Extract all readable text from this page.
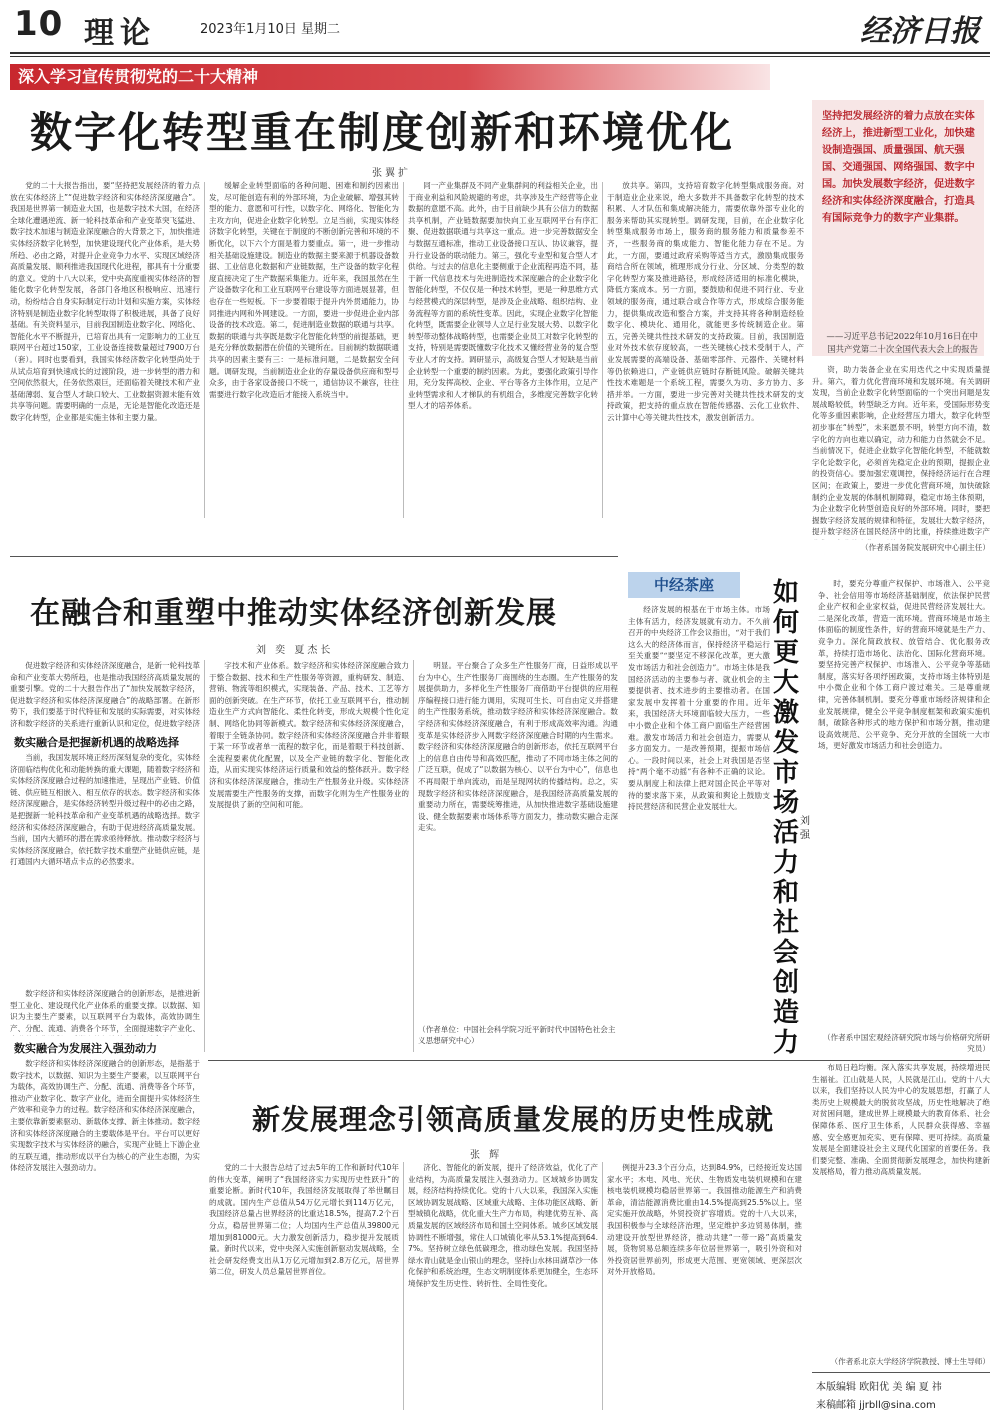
10 理论	2023年1月10日 星期二	经济日报
深入学习宣传贯彻党的二十大精神
数字化转型重在制度创新和环境优化
张翼扩

党的二十大报告指出，要“坚持把发展经济的着力点放在实体经济上”“促进数字经济和实体经济深度融合”。我国是世界第一制造业大国，也是数字技术大国，在经济全球化遭遇逆流、新一轮科技革命和产业变革突飞猛进、数字技术加速与制造业深度融合的大背景之下，加快推进实体经济数字化转型，加快建设现代化产业体系，是大势所趋、必由之路，对提升企业竞争力水平、实现区域经济高质量发展、顺利推进我国现代化进程，都具有十分重要的意义。党的十八大以来，党中央高度重视实体经济的智能化数字化转型发展，各部门各地区积极响应、迅速行动，纷纷结合自身实际制定行动计划和实施方案，实体经济特别是制造业数字化转型取得了积极进展，具备了良好基础。有关资料显示，目前我国制造业数字化、网络化、智能化水平不断提升，已培育出具有一定影响力的工业互联网平台超过150家，工业设备连接数量超过7900万台（套）。同时也要看到，我国实体经济数字化转型尚处于从试点培育到快速成长的过渡阶段，进一步转型的潜力和空间依然很大，任务依然艰巨，还面临着关键技术和产业基础薄弱、复合型人才缺口较大、工业数据资源未能有效共享等问题。需要明确的一点是，无论是智能化改造还是数字化转型，企业都是实施主体和主要力量。

缓解企业转型面临的各种问题、困难和制约因素出发，尽可能创造有利的外部环境，为企业破解、增强其转型的能力、意愿和可行性，以数字化、网络化、智能化为主攻方向，促进企业数字化转型。立足当前，实现实体经济数字化转型，关键在于制度的不断创新完善和环境的不断优化，以下六个方面是着力要重点。第一，进一步推动相关基础设施建设。制造业的数据主要来源于机器设备数据、工业信息化数据和产业链数据，生产设备的数字化程度直接决定了生产数据采集能力。近年来，我国虽然在生产设备数字化和工业互联网平台建设等方面进展显著，但也存在一些短板。下一步要着眼于提升内外贯通能力，协同推进内网和外网建设。一方面，要进一步促进企业内部设备的技术改造。第二，促进制造业数据的联通与共享。数据的联通与共享既是数字化智能化转型的前提基础，更是充分释放数据潜在价值的关键所在。目前制约数据联通共享的因素主要有三：一是标准问题，二是数据安全问题。调研发现，当前制造业企业的存量设备供应商和型号众多，由于各家设备接口不统一，通信协议不兼容，往往需要进行数字化改造后才能接入系统当中。

同一产业集群及不同产业集群间的利益相关企业，出于商业利益和风险规避的考虑，共享涉及生产经营等企业数据的意愿不高。此外，由于目前缺少具有公信力的数据共享机制，产业链数据要加快向工业互联网平台有序汇聚、促进数据联通与共享这一重点。进一步完善数据安全与数据互通标准，推动工业设备接口互认、协议兼容，提升行业设备的联动能力。第三，强化专业型和复合型人才供给。与过去的信息化主要侧重于企业流程再造不同，基于新一代信息技术与先进制造技术深度融合的企业数字化智能化转型，不仅仅是一种技术转型，更是一种思维方式与经营模式的深层转型，是涉及企业战略、组织结构、业务流程等方面的系统性变革。因此，实现企业数字化智能化转型，既需要企业领导人立足行业发展大势、以数字化转型带动整体战略转型，也需要企业员工对数字化转型的支持，特别是需要既懂数字化技术又懂经营业务的复合型专业人才的支持。调研显示，高级复合型人才短缺是当前企业转型一个重要的制约因素。为此，要强化政策引导作用，充分发挥高校、企业、平台等各方主体作用，立足产业转型需求和人才梯队的有机组合，多维度完善数字化转型人才的培养体系。

放共享。第四，支持培育数字化转型集成服务商。对于制造业企业来说，绝大多数并不具备数字化转型的技术积累、人才队伍和集成解决能力，需要依靠外部专业化的服务来帮助其实现转型。调研发现，目前，在企业数字化转型集成服务市场上，服务商的服务能力和质量参差不齐，一些服务商的集成能力、智能化能力存在不足。为此，一方面，要通过政府采购等适当方式，激励集成服务商结合所在领域，梳理形成分行业、分区域、分类型的数字化转型方案及推进路径，形成经济适用的标准化模块，降低方案成本。另一方面，要鼓励和促进不同行业、专业领域的服务商，通过联合或合作等方式，形成综合服务能力，提供集成改造和整合方案，并支持其将各种制造经验数字化、模块化、通用化，就能更多传统制造企业。第五，完善关键共性技术研发的支持政策。目前，我国制造业对外技术依存度较高，一些关键核心技术受制于人，产业发展需要的高端设备、基础零部件、元器件、关键材料等仍依赖进口，产业链供应链时存断链风险。破解关键共性技术难题是一个系统工程，需要久为功、多方协力、多措并举。一方面，要进一步完善对关键共性技术研发的支持政策，把支持的重点放在智能传感器、云化工业软件、云计算中心等关键共性技术，激发创新活力。

资，助力装备企业在实用迭代之中实现质量提升。第六，着力优化营商环境和发展环境。有关调研发现，当前企业数字化转型面临的一个突出问题是发展战略较低，转型缺乏方向。近年来，受国际形势变化等多重因素影响，企业经营压力增大，数字化转型初步事在“转型”，未来愿景不明，转型方向不清，数字化的方向也难以确定，动力和能力自然就会不足。当前情况下，促进企业数字化智能化转型，不能就数字化论数字化，必须首先稳定企业的预期，提振企业的投资信心。要加强宏观调控，保持经济运行在合理区间；在政策上，要进一步优化营商环境，加快破除制约企业发展的体制机制障碍，稳定市场主体预期，为企业数字化转型创造良好的外部环境。同时，要把握数字经济发展的规律和特征，发展壮大数字经济，提升数字经济在国民经济中的比重，持续推进数字产

（作者系国务院发展研究中心副主任）
坚持把发展经济的着力点放在实体经济上，推进新型工业化，加快建设制造强国、质量强国、航天强国、交通强国、网络强国、数字中国。加快发展数字经济，促进数字经济和实体经济深度融合，打造具有国际竞争力的数字产业集群。
——习近平总书记2022年10月16日在中国共产党第二十次全国代表大会上的报告
在融合和重塑中推动实体经济创新发展
刘 奕 夏杰长

促进数字经济和实体经济深度融合，是新一轮科技革命和产业变革大势所趋，也是推动我国经济高质量发展的重要引擎。党的二十大报告作出了“加快发展数字经济，促进数字经济和实体经济深度融合”的战略部署。在新形势下，我们要基于时代特征和发展的实际需要，对实体经济和数字经济的关系进行重新认识和定位，促进数字经济

数实融合是把握新机遇的战略选择

当前，我国发展环境正经历深刻复杂的变化，实体经济面临结构优化和动能转换的重大课题，随着数字经济和实体经济深度融合过程的加速推进，呈现出产业链、价值链、供应链互相嵌入、相互依存的状态。数字经济和实体经济深度融合，是实体经济转型升级过程中的必由之路，是把握新一轮科技革命和产业变革机遇的战略选择。数字经济和实体经济深度融合，有助于促进经济高质量发展。当前，国内大循环的潜在需求亟待释放。推动数字经济与实体经济深度融合，依托数字技术重塑产业链供应链，是打通国内大循环堵点卡点的必然要求。

数实融合为发展注入强劲动力

数字经济和实体经济深度融合的创新形态，是指基于数字技术，以数据、知识为主要生产要素，以互联网平台为载体，高效协调生产、分配、流通、消费等各个环节，推动产业数字化、数字产业化，进而全面提升实体经济生产效率和竞争力的过程。数字经济和实体经济深度融合，主要依靠新要素驱动、新载体支撑、新主体推动。数字经济和实体经济深度融合的主要载体是平台。平台可以更好实现数字技术与实体经济的融合，实现产业链上下游企业的互联互通，推动形成以平台为核心的产业生态圈，为实体经济发展注入强劲动力。

数字经济和实体经济深度融合的创新形态，是推进新型工业化、建设现代化产业体系的重要支撑。以数据、知识为主要生产要素，以互联网平台为载体，高效协调生产、分配、流通、消费各个环节，全面提速数字产业化、

字技术和产业体系。数字经济和实体经济深度融合致力于整合数据、技术和生产性服务等资源，重构研发、制造、营销、物流等组织模式，实现装备、产品、技术、工艺等方面的创新突破。在生产环节，依托工业互联网平台，推动制造业生产方式向智能化、柔性化转变，形成大规模个性化定制、网络化协同等新模式。数字经济和实体经济深度融合，着眼于全链条协同。数字经济和实体经济深度融合并非着眼于某一环节或者单一流程的数字化，而是着眼于科技创新、全流程要素优化配置，以及全产业链的数字化、智能化改造，从而实现实体经济运行质量和效益的整体跃升。数字经济和实体经济深度融合，推动生产性服务业升级。实体经济发展需要生产性服务的支撑，而数字化则为生产性服务业的发展提供了新的空间和可能。

明显。平台聚合了众多生产性服务厂商，日益形成以平台为中心，生产性服务厂商围绕的生态圈。生产性服务的发展提供助力，多样化生产性服务厂商借助平台提供的应用程序编程接口进行能力调用，实现可生长、可自由定义并搭建的生产性服务系统，推动数字经济和实体经济深度融合。数字经济和实体经济深度融合，有利于形成高效率沟通。沟通变革是实体经济步入网数字经济深度融合时期的内生需求。数字经济和实体经济深度融合的创新形态，依托互联网平台上的信息自由传导和高效匹配，推动了不同市场主体之间的广泛互联，促成了“以数据为核心、以平台为中心”，信息也不再局限于单向流动，而是呈现网状的传播结构。总之，实现数字经济和实体经济深度融合，是我国经济高质量发展的重要动力所在，需要统筹推进，从加快推进数字基础设施建设、健全数据要素市场体系等方面发力，推动数实融合走深走实。

（作者单位：中国社会科学院习近平新时代中国特色社会主义思想研究中心）
中经茶座	如何更大激发市场活力和社会创造力
刘 强

经济发展的根基在于市场主体。市场主体有活力，经济发展就有动力。不久前召开的中央经济工作会议指出，“对于我们这么大的经济体而言，保持经济平稳运行至关重要”“要坚定不移深化改革，更大激发市场活力和社会创造力”。市场主体是我国经济活动的主要参与者、就业机会的主要提供者、技术进步的主要推动者。在国家发展中发挥着十分重要的作用。近年来，我国经济大环境面临较大压力，一些中小微企业和个体工商户面临生产经营困难。激发市场活力和社会创造力，需要从多方面发力。一是改善预期，提振市场信心。一段时间以来，社会上对我国是否坚持“两个毫不动摇”有各种不正确的议论。要从制度上和法律上把对国企民企平等对待的要求落下来，从政策和舆论上鼓励支持民营经济和民营企业发展壮大。

时，要充分尊重产权保护、市场准入、公平竞争、社会信用等市场经济基础制度，依法保护民营企业产权和企业家权益，促进民营经济发展壮大。二是深化改革，营造一流环境。营商环境是市场主体面临的制度性条件，好的营商环境就是生产力、竞争力。深化简政放权、放管结合、优化服务改革，持续打造市场化、法治化、国际化营商环境。要坚持完善产权保护、市场准入、公平竞争等基础制度，落实好各项纾困政策，支持市场主体特别是中小微企业和个体工商户渡过难关。三是尊重规律，完善体制机制。要充分尊重市场经济规律和企业发展规律，健全公平竞争制度框架和政策实施机制，破除各种形式的地方保护和市场分割，推动建设高效规范、公平竞争、充分开放的全国统一大市场，更好激发市场活力和社会创造力。

（作者系中国宏观经济研究院市场与价格研究所研究员）
新发展理念引领高质量发展的历史性成就
张 辉

党的二十大报告总结了过去5年的工作和新时代10年的伟大变革，阐明了“我国经济实力实现历史性跃升”的重要论断。新时代10年，我国经济发展取得了举世瞩目的成就。国内生产总值从54万亿元增长到114万亿元，我国经济总量占世界经济的比重达18.5%，提高7.2个百分点，稳居世界第二位；人均国内生产总值从39800元增加到81000元。大力激发创新活力，稳步提升发展质量。新时代以来，党中央深入实施创新驱动发展战略，全社会研发经费支出从1万亿元增加到2.8万亿元，居世界第二位，研发人员总量居世界首位。

济化、智能化的新发展，提升了经济效益，优化了产业结构，为高质量发展注入强劲动力。区域城乡协调发展，经济结构持续优化。党的十八大以来，我国深入实施区域协调发展战略、区域重大战略、主体功能区战略、新型城镇化战略，优化重大生产力布局，构建优势互补、高质量发展的区域经济布局和国土空间体系。城乡区域发展协调性不断增强，常住人口城镇化率从53.1%提高到64.7%。坚持树立绿色低碳理念，推动绿色发展。我国坚持绿水青山就是金山银山的理念，坚持山水林田湖草沙一体化保护和系统治理，生态文明制度体系更加健全，生态环境保护发生历史性、转折性、全局性变化。

例提升23.3个百分点，达到84.9%，已经接近发达国家水平；木电、风电、光伏、生物质发电装机规模和在建核电装机规模均稳居世界第一。我国推动能源生产和消费革命，清洁能源消费比重由14.5%提高到25.5%以上。坚定实施开放战略，外贸投资扩容增质。党的十八大以来，我国积极参与全球经济治理，坚定维护多边贸易体制，推动建设开放型世界经济，推动共建“一带一路”高质量发展，货物贸易总额连续多年位居世界第一，吸引外资和对外投资居世界前列，形成更大范围、更宽领域、更深层次对外开放格局。

布局日趋均衡。深入落实共享发展，持续增进民生福祉。江山就是人民，人民就是江山。党的十八大以来，我们坚持以人民为中心的发展思想，打赢了人类历史上规模最大的脱贫攻坚战，历史性地解决了绝对贫困问题，建成世界上规模最大的教育体系、社会保障体系、医疗卫生体系，人民群众获得感、幸福感、安全感更加充实、更有保障、更可持续。高质量发展是全面建设社会主义现代化国家的首要任务。我们要完整、准确、全面贯彻新发展理念，加快构建新发展格局，着力推动高质量发展。

（作者系北京大学经济学院教授、博士生导师）
本版编辑 欧阳优 美 编 夏 祎
来稿邮箱 jjrbll@sina.com
